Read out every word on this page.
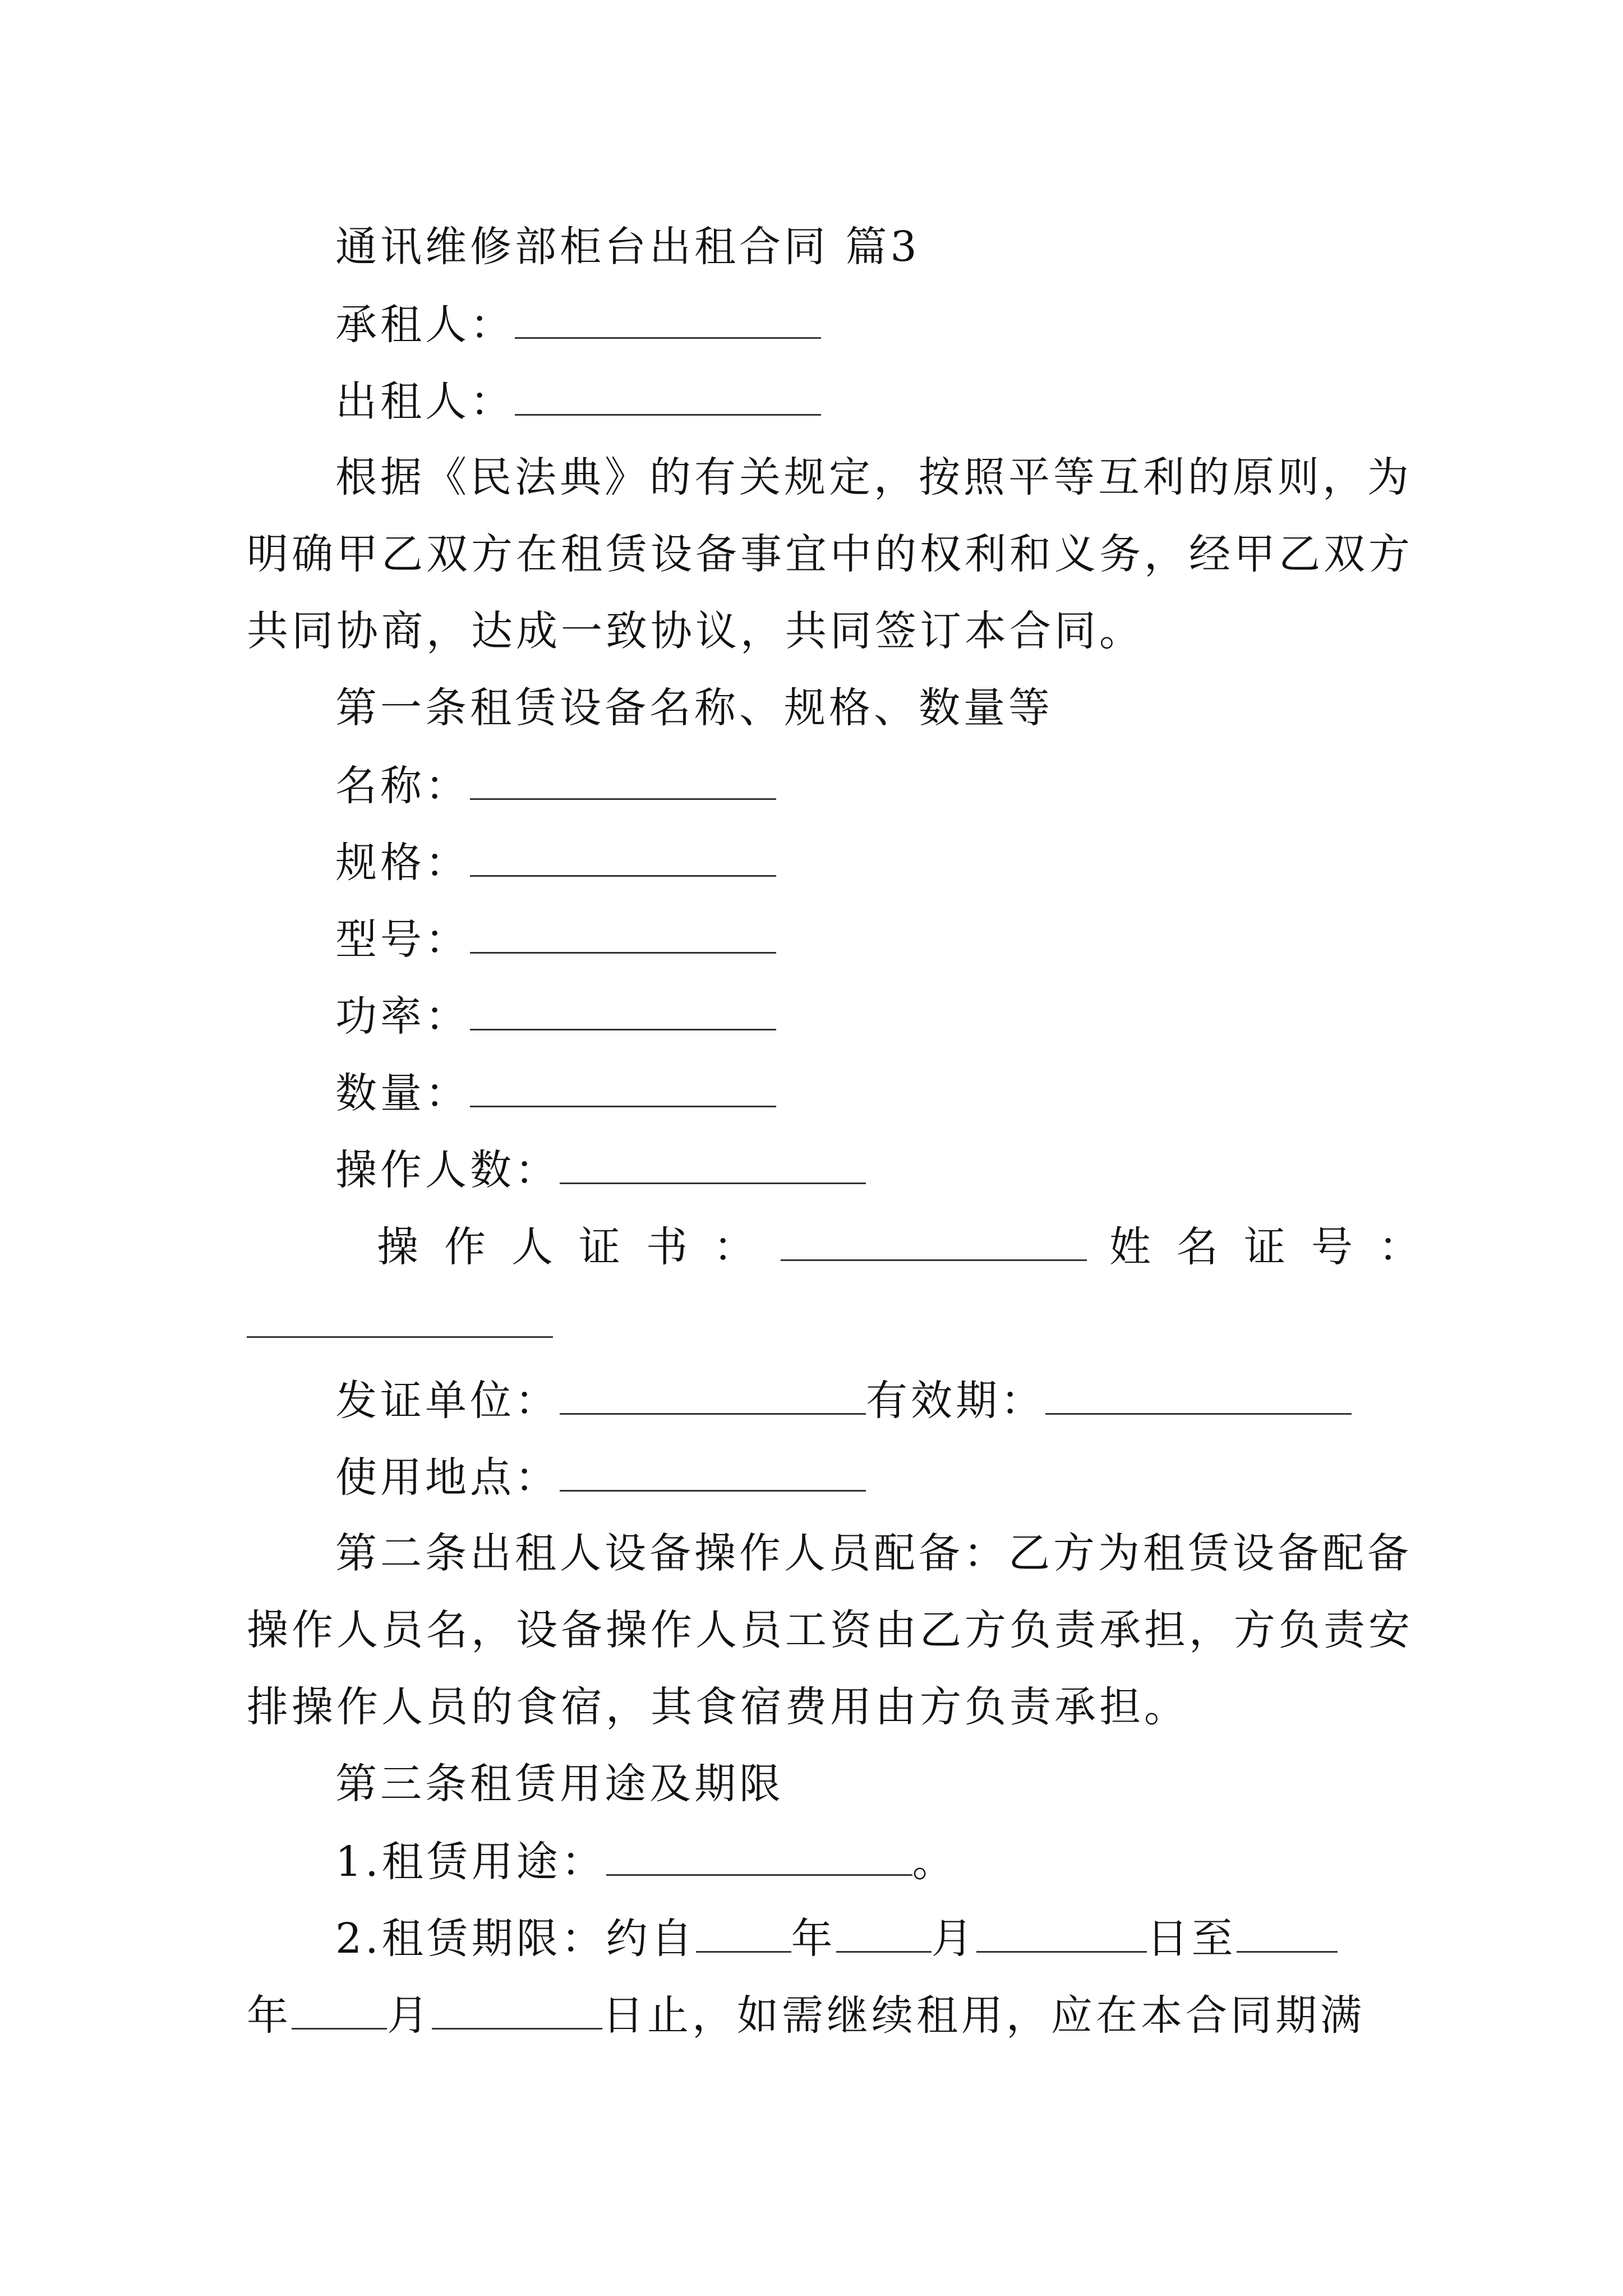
通讯维修部柜台出租合同 篇3
承租人：
出租人：
根据《民法典》的有关规定，按照平等互利的原则，为
明确甲乙双方在租赁设备事宜中的权利和义务，经甲乙双方
共同协商，达成一致协议，共同签订本合同。
第一条租赁设备名称、规格、数量等
名称：
规格：
型号：
功率：
数量：
操作人数：
操作人证书：	姓名证号：
发证单位：	有效期：
使用地点：
第二条出租人设备操作人员配备：乙方为租赁设备配备
操作人员名，设备操作人员工资由乙方负责承担，方负责安
排操作人员的食宿，其食宿费用由方负责承担。
第三条租赁用途及期限
1.租赁用途：	。
2.租赁期限：约自 年 月	日至
年 月	日止，如需继续租用，应在本合同期满
